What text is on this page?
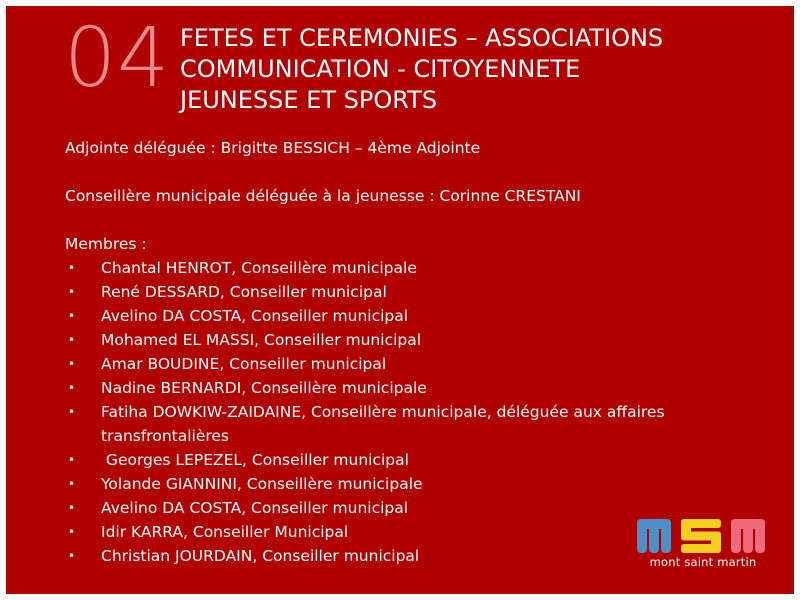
04 FETES ET CEREMONIES – ASSOCIATIONS
COMMUNICATION - CITOYENNETE
JEUNESSE ET SPORTS
Adjointe déléguée : Brigitte BESSICH – 4ème Adjointe
Conseillère municipale déléguée à la jeunesse : Corinne CRESTANI
Membres :
• Chantal HENROT, Conseillère municipale
• René DESSARD, Conseiller municipal
• Avelino DA COSTA, Conseiller municipal
• Mohamed EL MASSI, Conseiller municipal
• Amar BOUDINE, Conseiller municipal
• Nadine BERNARDI, Conseillère municipale
• Fatiha DOWKIW-ZAIDAINE, Conseillère municipale, déléguée aux affaires transfrontalières
• Georges LEPEZEL, Conseiller municipal
• Yolande GIANNINI, Conseillère municipale
• Avelino DA COSTA, Conseiller municipal
• Idir KARRA, Conseiller Municipal
• Christian JOURDAIN, Conseiller municipal	mont saint martin
